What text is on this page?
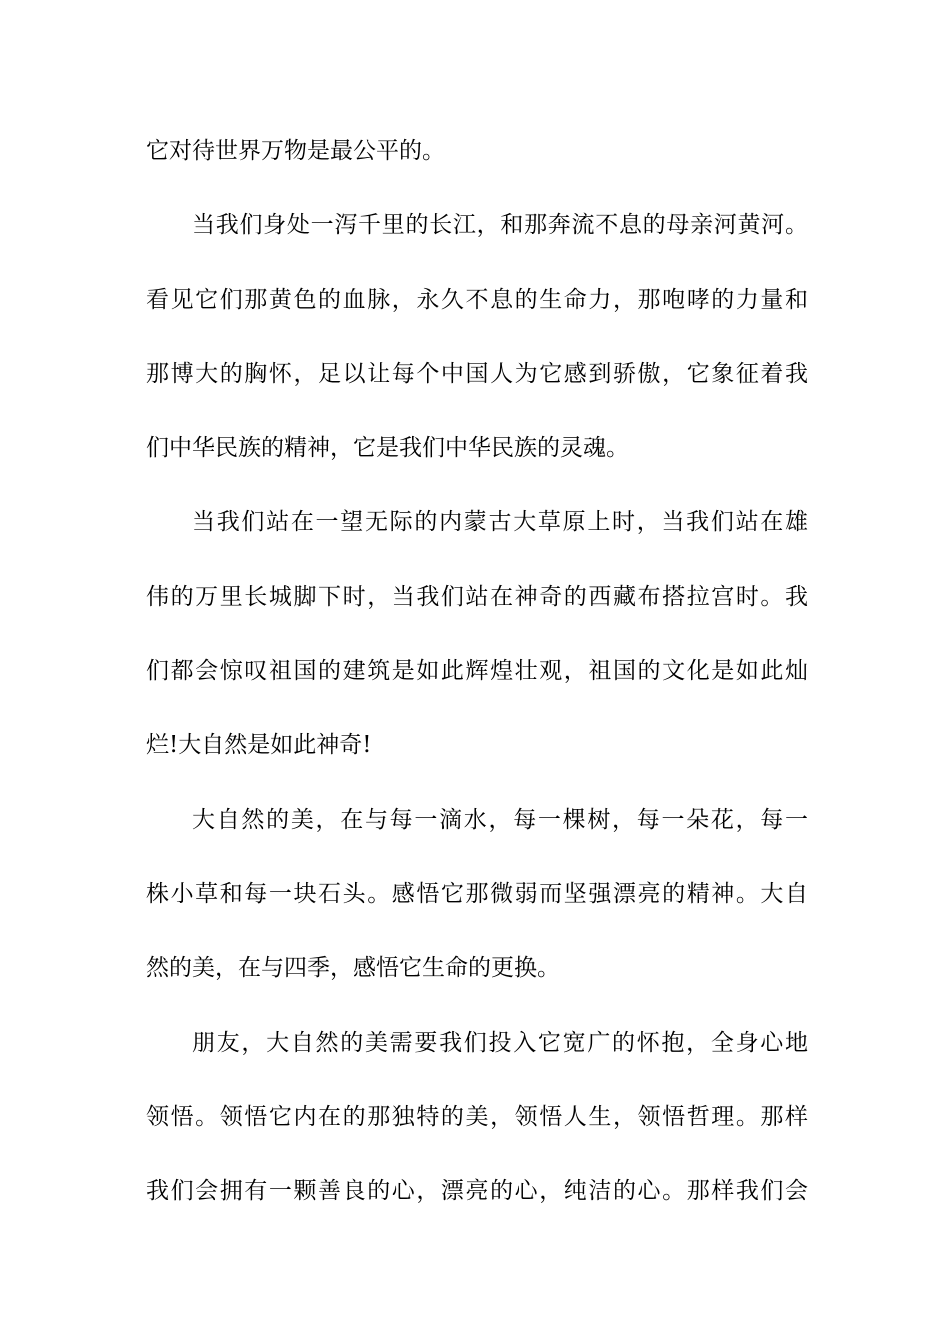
它对待世界万物是最公平的。
当我们身处一泻千里的长江，和那奔流不息的母亲河黄河。
看见它们那黄色的血脉，永久不息的生命力，那咆哮的力量和
那博大的胸怀，足以让每个中国人为它感到骄傲，它象征着我
们中华民族的精神，它是我们中华民族的灵魂。
当我们站在一望无际的内蒙古大草原上时，当我们站在雄
伟的万里长城脚下时，当我们站在神奇的西藏布搭拉宫时。我
们都会惊叹祖国的建筑是如此辉煌壮观，祖国的文化是如此灿
烂!大自然是如此神奇!
大自然的美，在与每一滴水，每一棵树，每一朵花，每一
株小草和每一块石头。感悟它那微弱而坚强漂亮的精神。大自
然的美，在与四季，感悟它生命的更换。
朋友，大自然的美需要我们投入它宽广的怀抱，全身心地
领悟。领悟它内在的那独特的美，领悟人生，领悟哲理。那样
我们会拥有一颗善良的心，漂亮的心，纯洁的心。那样我们会
